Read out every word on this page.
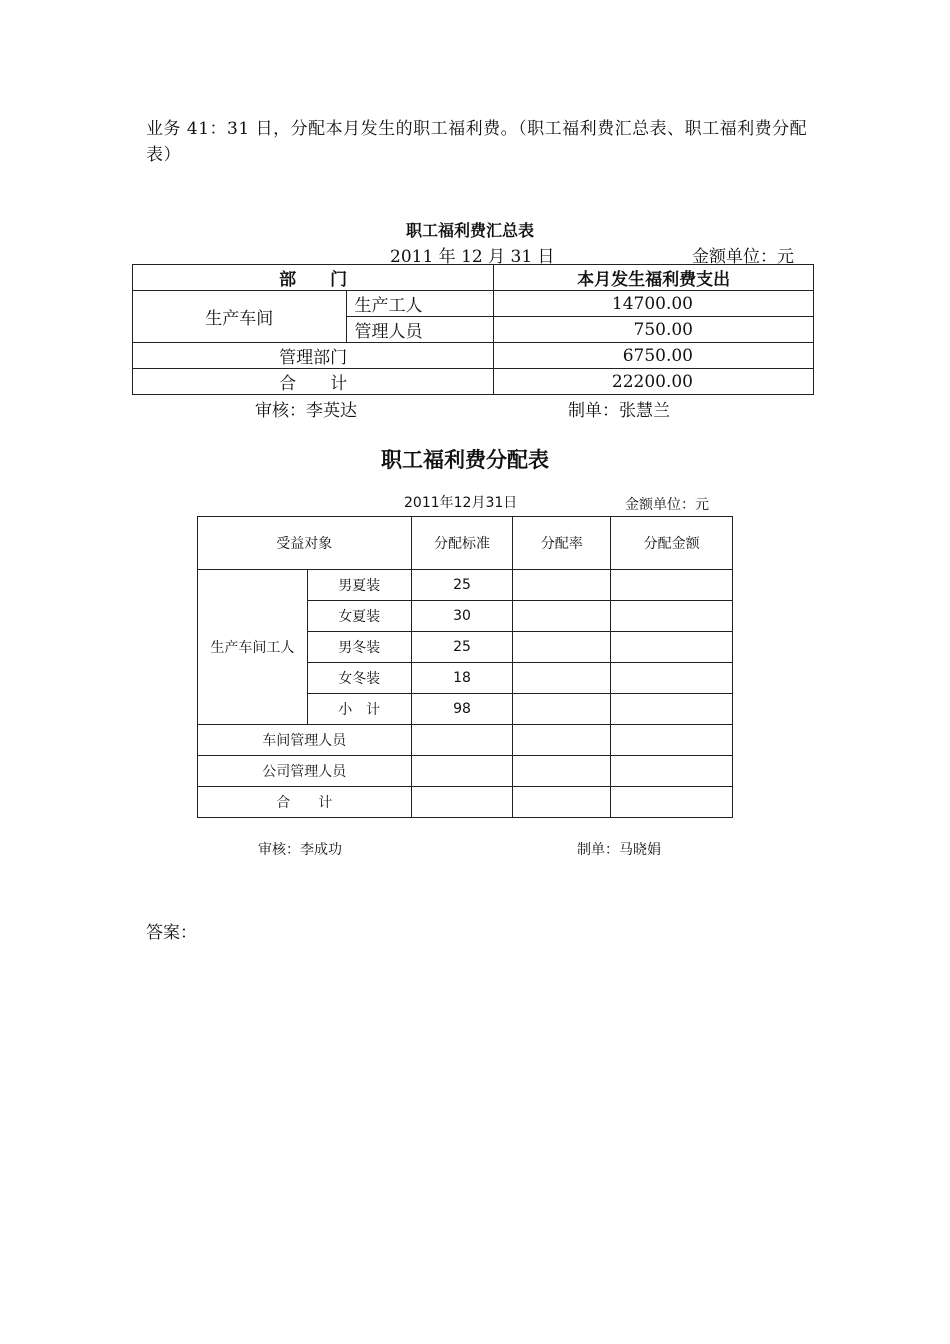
业务 41：31 日，分配本月发生的职工福利费。（职工福利费汇总表、职工福利费分配表）
职工福利费汇总表
2011 年 12 月 31 日	金额单位：元
部　　门		本月发生福利费支出
生产车间	生产工人	14700.00
	管理人员	750.00
管理部门		6750.00
合　　计		22200.00
审核：李英达	制单：张慧兰
职工福利费分配表
2011年12月31日	金额单位：元
受益对象		分配标准	分配率	分配金额
生产车间工人	男夏装	25		
	女夏装	30		
	男冬装	25		
	女冬装	18		
	小　计	98		
车间管理人员				
公司管理人员				
合　　计				
审核：李成功	制单：马晓娟
答案：
